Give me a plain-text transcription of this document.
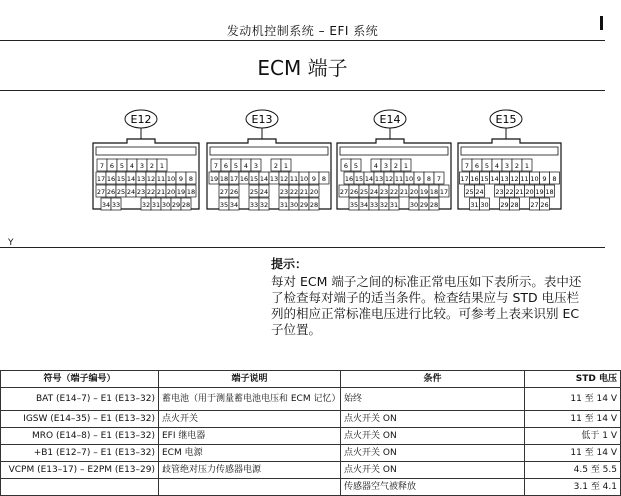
发动机控制系统 – EFI 系统
ECM 端子
E12
7 6 5 4 3 2 1
17 16 15 14 13 12 11 10 9 8
27 26 25 24 23 22 21 20 19 18
34 33	32 31 30 29 28
E13
7 6 5 4 3 2 1
19 18 17 16 15 14 13 12 11 10 9 8
27 26 25 24 23 22 21 20
35 34 33 32 31 30 29 28
E14
6 5 4 3 2 1
16 15 14 13 12 11 10 9 8 7
27 26 25 24 23 22 21 20 19 18 17
35 34 33 32 31 30 29 28
E15
7 6 5 4 3 2 1
17 16 15 14 13 12 11 10 9 8
25 24 23 22 21 20 19 18
31 30 29 28 27 26
Y
提示：

每对 ECM 端子之间的标准正常电压如下表所示。表中还
了检查每对端子的适当条件。检查结果应与 STD 电压栏
列的相应正常标准电压进行比较。可参考上表来识别 EC
子位置。

符号（端子编号）	端子说明	条件	STD 电压
BAT (E14–7) – E1 (E13–32)	蓄电池（用于测量蓄电池电压和 ECM 记忆）	始终	11 至 14 V
IGSW (E14–35) – E1 (E13–32)	点火开关	点火开关 ON	11 至 14 V
MRO (E14–8) – E1 (E13–32)	EFI 继电器	点火开关 ON	低于 1 V
+B1 (E12–7) – E1 (E13–32)	ECM 电源	点火开关 ON	11 至 14 V
VCPM (E13–17) – E2PM (E13–29)	歧管绝对压力传感器电源	点火开关 ON	4.5 至 5.5
		传感器空气被释放	3.1 至 4.1
